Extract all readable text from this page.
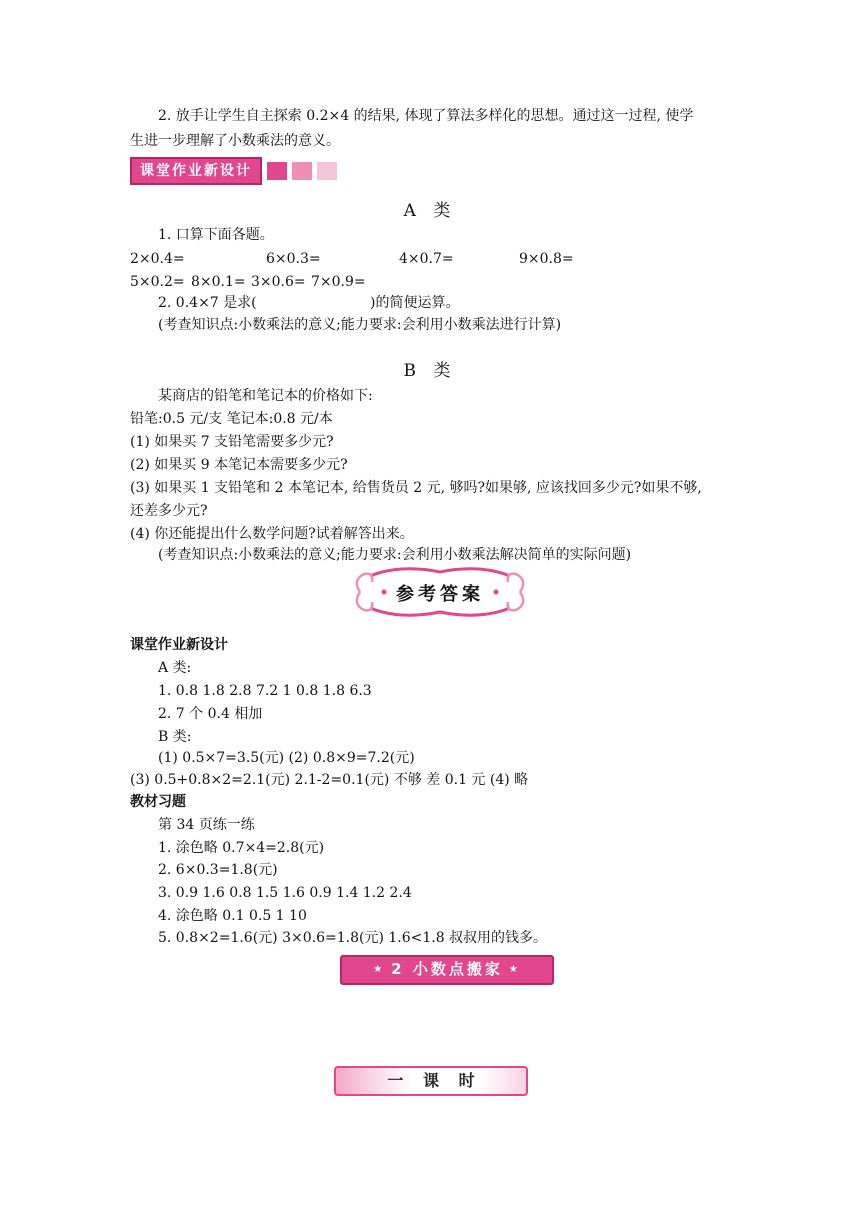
2. 放手让学生自主探索 0.2×4 的结果, 体现了算法多样化的思想。通过这一过程, 使学
生进一步理解了小数乘法的意义。
课堂作业新设计
A 类
1. 口算下面各题。
2×0.4=	6×0.3=	4×0.7=	9×0.8=
5×0.2= 8×0.1= 3×0.6= 7×0.9=
2. 0.4×7 是求(	)的简便运算。
(考查知识点:小数乘法的意义;能力要求:会利用小数乘法进行计算)
B 类
某商店的铅笔和笔记本的价格如下:
铅笔:0.5 元/支 笔记本:0.8 元/本
(1) 如果买 7 支铅笔需要多少元?
(2) 如果买 9 本笔记本需要多少元?
(3) 如果买 1 支铅笔和 2 本笔记本, 给售货员 2 元, 够吗?如果够, 应该找回多少元?如果不够,
还差多少元?
(4) 你还能提出什么数学问题?试着解答出来。
(考查知识点:小数乘法的意义;能力要求:会利用小数乘法解决简单的实际问题)
参考答案
课堂作业新设计
A 类:
1. 0.8 1.8 2.8 7.2 1 0.8 1.8 6.3
2. 7 个 0.4 相加
B 类:
(1) 0.5×7=3.5(元) (2) 0.8×9=7.2(元)
(3) 0.5+0.8×2=2.1(元) 2.1-2=0.1(元) 不够 差 0.1 元 (4) 略
教材习题
第 34 页练一练
1. 涂色略 0.7×4=2.8(元)
2. 6×0.3=1.8(元)
3. 0.9 1.6 0.8 1.5 1.6 0.9 1.4 1.2 2.4
4. 涂色略 0.1 0.5 1 10
5. 0.8×2=1.6(元) 3×0.6=1.8(元) 1.6<1.8 叔叔用的钱多。
★ 2 小数点搬家 ★
一 课 时
